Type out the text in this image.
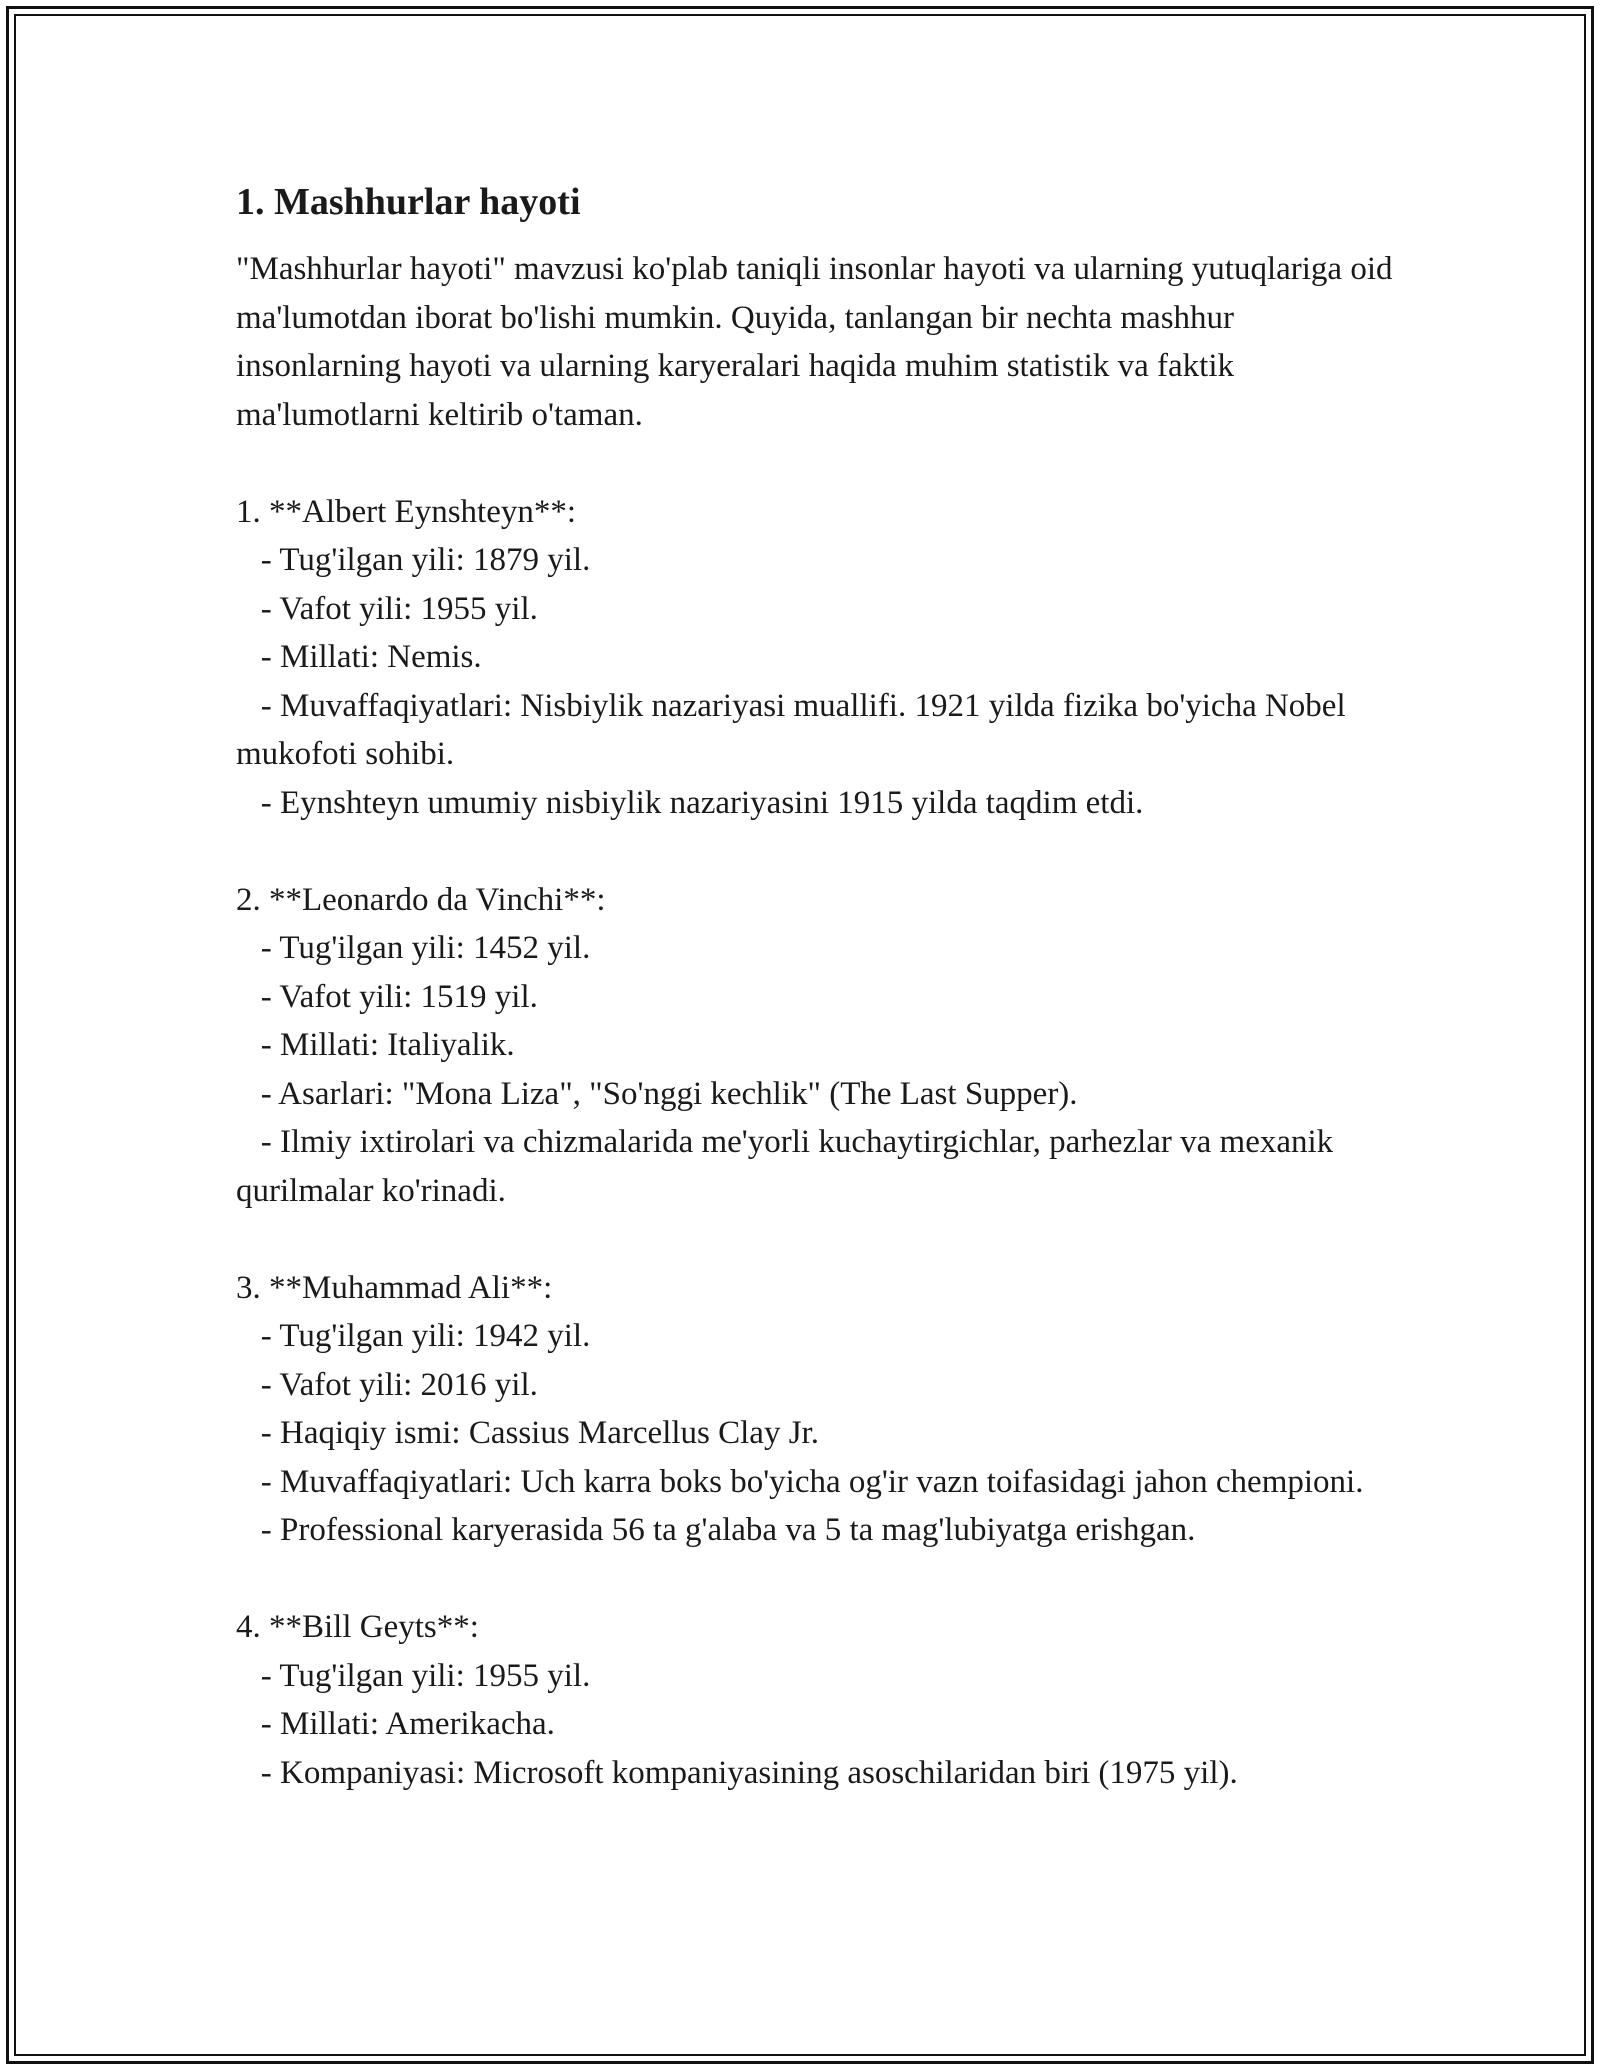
1. Mashhurlar hayoti

"Mashhurlar hayoti" mavzusi ko'plab taniqli insonlar hayoti va ularning yutuqlariga oid ma'lumotdan iborat bo'lishi mumkin. Quyida, tanlangan bir nechta mashhur insonlarning hayoti va ularning karyeralari haqida muhim statistik va faktik ma'lumotlarni keltirib o'taman.

1. **Albert Eynshteyn**:
- Tug'ilgan yili: 1879 yil.
- Vafot yili: 1955 yil.
- Millati: Nemis.
- Muvaffaqiyatlari: Nisbiylik nazariyasi muallifi. 1921 yilda fizika bo'yicha Nobel mukofoti sohibi.
- Eynshteyn umumiy nisbiylik nazariyasini 1915 yilda taqdim etdi.
2. **Leonardo da Vinchi**:
- Tug'ilgan yili: 1452 yil.
- Vafot yili: 1519 yil.
- Millati: Italiyalik.
- Asarlari: "Mona Liza", "So'nggi kechlik" (The Last Supper).
- Ilmiy ixtirolari va chizmalarida me'yorli kuchaytirgichlar, parhezlar va mexanik qurilmalar ko'rinadi.
3. **Muhammad Ali**:
- Tug'ilgan yili: 1942 yil.
- Vafot yili: 2016 yil.
- Haqiqiy ismi: Cassius Marcellus Clay Jr.
- Muvaffaqiyatlari: Uch karra boks bo'yicha og'ir vazn toifasidagi jahon chempioni.
- Professional karyerasida 56 ta g'alaba va 5 ta mag'lubiyatga erishgan.
4. **Bill Geyts**:
- Tug'ilgan yili: 1955 yil.
- Millati: Amerikacha.
- Kompaniyasi: Microsoft kompaniyasining asoschilaridan biri (1975 yil).
